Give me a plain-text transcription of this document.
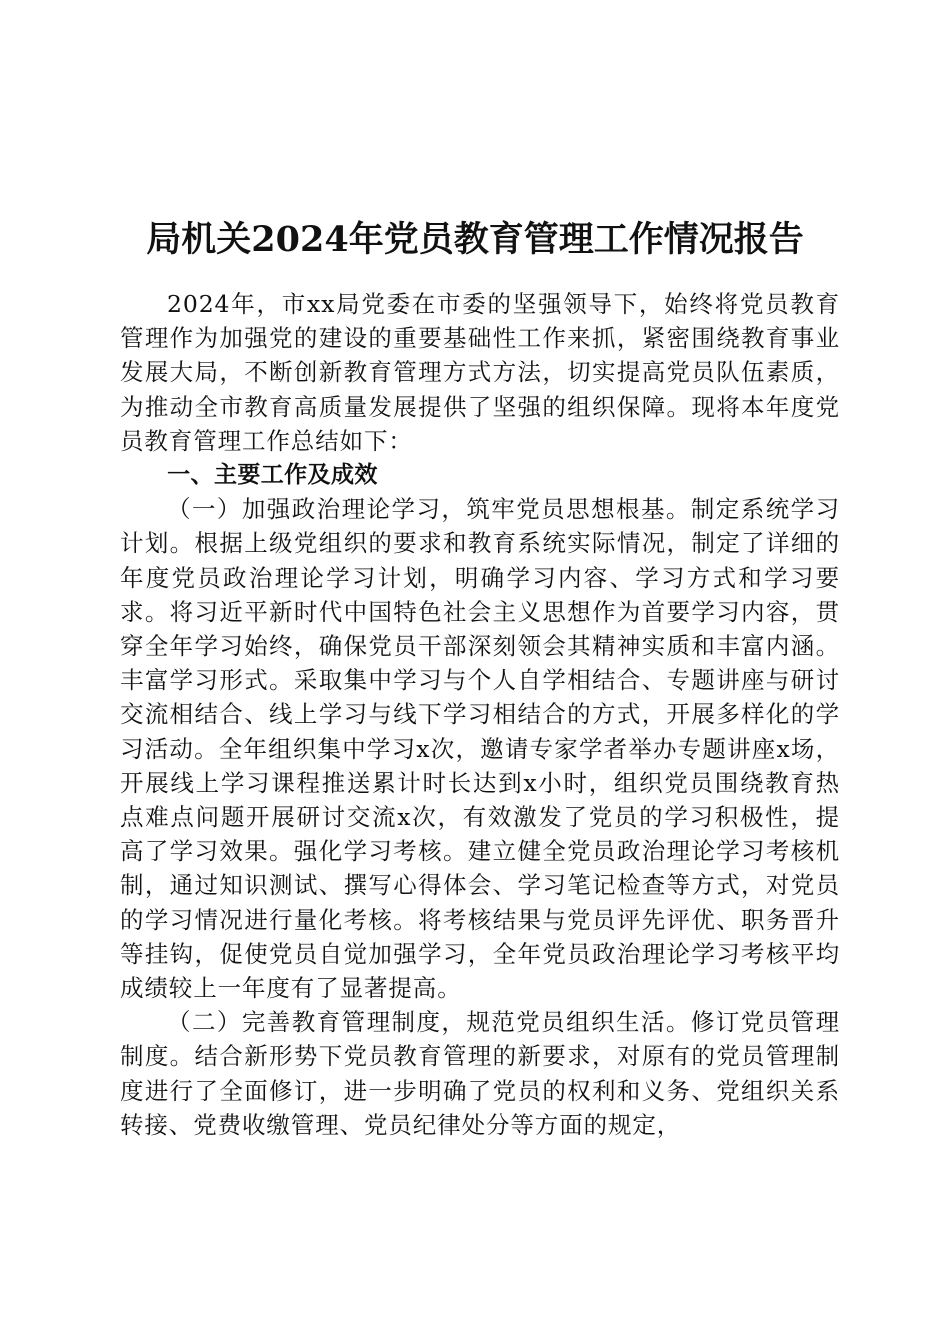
局机关2024年党员教育管理工作情况报告

2024年，市xx局党委在市委的坚强领导下，始终将党员教育管理作为加强党的建设的重要基础性工作来抓，紧密围绕教育事业发展大局，不断创新教育管理方式方法，切实提高党员队伍素质，为推动全市教育高质量发展提供了坚强的组织保障。现将本年度党员教育管理工作总结如下：

一、主要工作及成效

（一）加强政治理论学习，筑牢党员思想根基。制定系统学习计划。根据上级党组织的要求和教育系统实际情况，制定了详细的年度党员政治理论学习计划，明确学习内容、学习方式和学习要求。将习近平新时代中国特色社会主义思想作为首要学习内容，贯穿全年学习始终，确保党员干部深刻领会其精神实质和丰富内涵。丰富学习形式。采取集中学习与个人自学相结合、专题讲座与研讨交流相结合、线上学习与线下学习相结合的方式，开展多样化的学习活动。全年组织集中学习x次，邀请专家学者举办专题讲座x场，开展线上学习课程推送累计时长达到x小时，组织党员围绕教育热点难点问题开展研讨交流x次，有效激发了党员的学习积极性，提高了学习效果。强化学习考核。建立健全党员政治理论学习考核机制，通过知识测试、撰写心得体会、学习笔记检查等方式，对党员的学习情况进行量化考核。将考核结果与党员评先评优、职务晋升等挂钩，促使党员自觉加强学习，全年党员政治理论学习考核平均成绩较上一年度有了显著提高。

（二）完善教育管理制度，规范党员组织生活。修订党员管理制度。结合新形势下党员教育管理的新要求，对原有的党员管理制度进行了全面修订，进一步明确了党员的权利和义务、党组织关系转接、党费收缴管理、党员纪律处分等方面的规定，
